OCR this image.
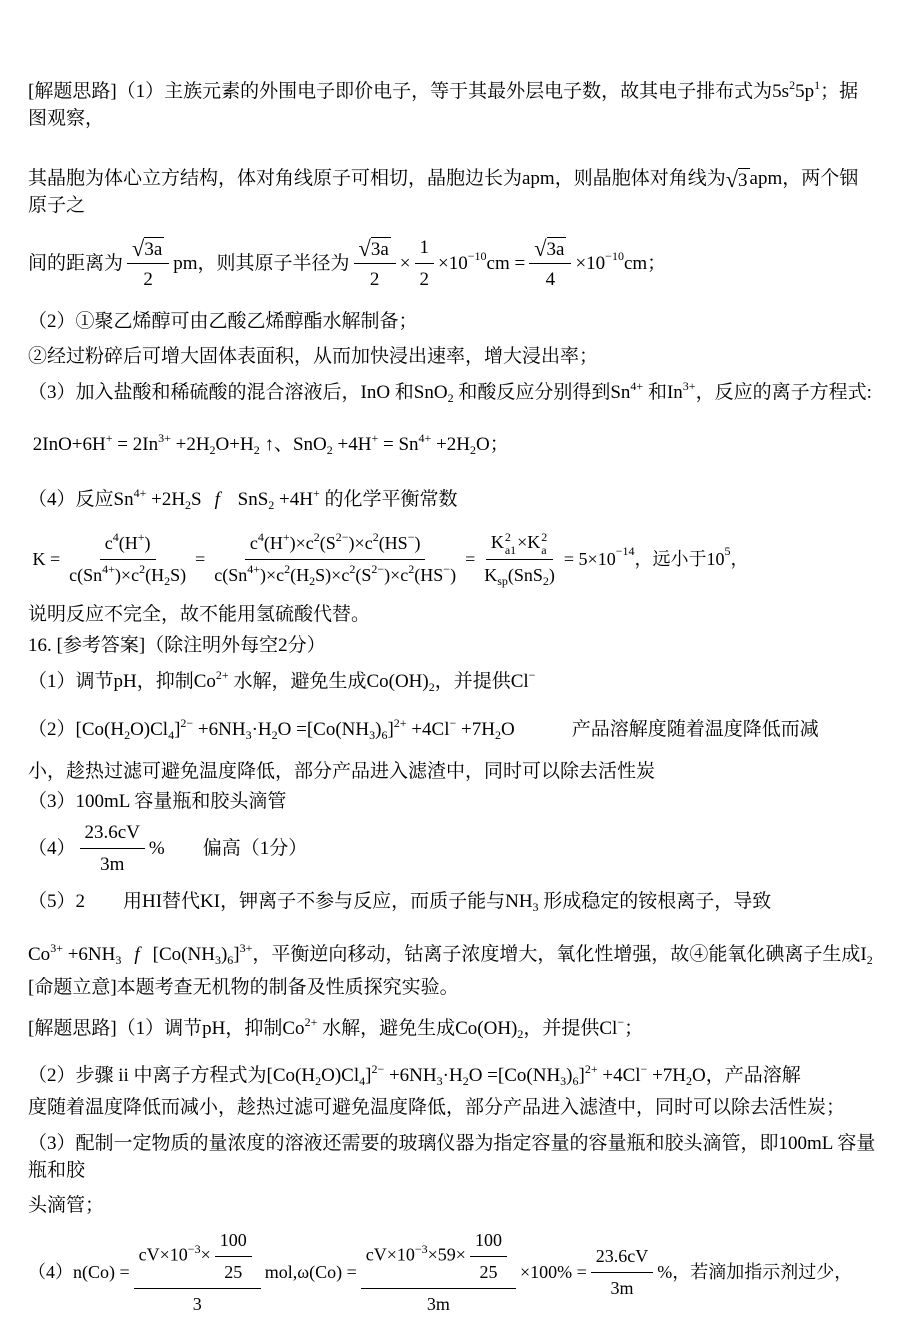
[解题思路]（1）主族元素的外围电子即价电子，等于其最外层电子数，故其电子排布式为$5s^25p^1$；据图观察，
其晶胞为体心立方结构，体对角线原子可相切，晶胞边长为apm，则晶胞体对角线为 √ 3 apm，两个铟原子之
间的距离为 $\frac{√ 3a}{2}$ pm，则其原子半径为 $\frac{√ 3a}{2} \times \frac{1}{2} \times 10^{-10}$ cm = $\frac{√ 3a}{4} \times 10^{-10}$ cm；
（2）①聚乙烯醇可由乙酸乙烯醇酯水解制备；
②经过粉碎后可增大固体表面积，从而加快浸出速率，增大浸出率；
（3）加入盐酸和稀硫酸的混合溶液后，InO 和SnO$_2$ 和酸反应分别得到$Sn^{4+}$ 和$In^{3+}$，反应的离子方程式:
$2InO+6H^+ = 2In^{3+} +2H_2O+H_2$ ↑、$SnO_2 +4H^+ = Sn^{4+} +2H_2O$；
（4）反应$Sn^{4+} +2H_2S$ f SnS$_2$ +4H+ 的化学平衡常数
$K = \frac{c^4(H^+)}{c(Sn^{4+})\times c^2(H_2S)} = \frac{c^4(H^+)\times c^2(S^{2-})\times c^2(HS^-)}{c(Sn^{4+})\times c^2(H_2S)\times c^2(S^{2-})\times c^2(HS^-)} = K$ 2
a1 ×K 2
a
$K_{sp}(SnS_2) = 5\times 10^{-14}$ ，远小于$10^5$ ，
说明反应不完全，故不能用氢硫酸代替。
16. [参考答案]（除注明外每空2分）
（1）调节pH，抑制$Co^{2+}$ 水解，避免生成$Co(OH)_2$，并提供Cl−
$(2)[Co(H_2O)Cl_4]^{2-} +6NH_3\cdot H_2O =[Co(NH_3)_6]^{2+} +4Cl^- +7H_2O$　　　产品溶解度随着温度降低而减
小，趁热过滤可避免温度降低，部分产品进入滤渣中，同时可以除去活性炭
（3）100mL 容量瓶和胶头滴管
$(4) \frac{23.6cV}{3m}$ %　　偏高（1分）
（5）2　　用HI替代KI，钾离子不参与反应，而质子能与$NH_3$ 形成稳定的铵根离子，导致
$Co^{3+} +6NH_3$ f $[Co(NH_3)_6]^{3+}$，平衡逆向移动，钴离子浓度增大，氧化性增强，故④能氧化碘离子生成$I_2$
[命题立意]本题考查无机物的制备及性质探究实验。
[解题思路]（1）调节pH，抑制$Co^{2+}$ 水解，避免生成$Co(OH)_2$，并提供Cl−；
（2）步骤 ii 中离子方程式为$[Co(H_2O)Cl_4]^{2-} +6NH_3\cdot H_2O =[Co(NH_3)_6]^{2+} +4Cl^- +7H_2O$，产品溶解
度随着温度降低而减小，趁热过滤可避免温度降低，部分产品进入滤渣中，同时可以除去活性炭；
（3）配制一定物质的量浓度的溶液还需要的玻璃仪器为指定容量的容量瓶和胶头滴管，即100mL 容量瓶和胶
头滴管；
$(4)n(Co) = \frac{cV\times 10^{-3}\times \frac{100}{25}}{3} mol,\omega(Co) = \frac{cV\times 10^{-3}\times 59\times \frac{100}{25}}{3m} \times 100\% = \frac{23.6cV}{3m}$ %，若滴加指示剂过少，
